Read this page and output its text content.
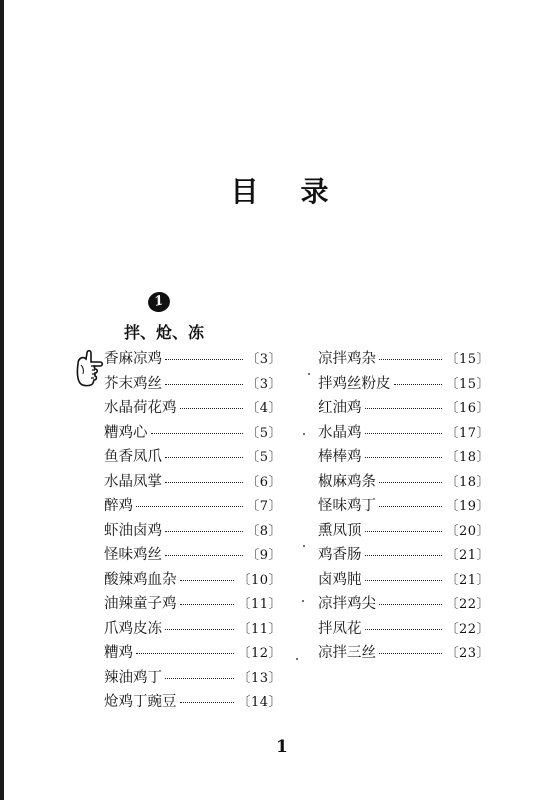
目 录
1
拌、炝、冻
香麻凉鸡	〔3〕
芥末鸡丝	〔3〕
水晶荷花鸡	〔4〕
糟鸡心	〔5〕
鱼香凤爪	〔5〕
水晶凤掌	〔6〕
醉鸡	〔7〕
虾油卤鸡	〔8〕
怪味鸡丝	〔9〕
酸辣鸡血杂	〔10〕
油辣童子鸡	〔11〕
爪鸡皮冻	〔11〕
糟鸡	〔12〕
辣油鸡丁	〔13〕
炝鸡丁豌豆	〔14〕
凉拌鸡杂	〔15〕
拌鸡丝粉皮	〔15〕
红油鸡	〔16〕
水晶鸡	〔17〕
棒棒鸡	〔18〕
椒麻鸡条	〔18〕
怪味鸡丁	〔19〕
熏凤顶	〔20〕
鸡香肠	〔21〕
卤鸡肫	〔21〕
凉拌鸡尖	〔22〕
拌凤花	〔22〕
凉拌三丝	〔23〕
1
